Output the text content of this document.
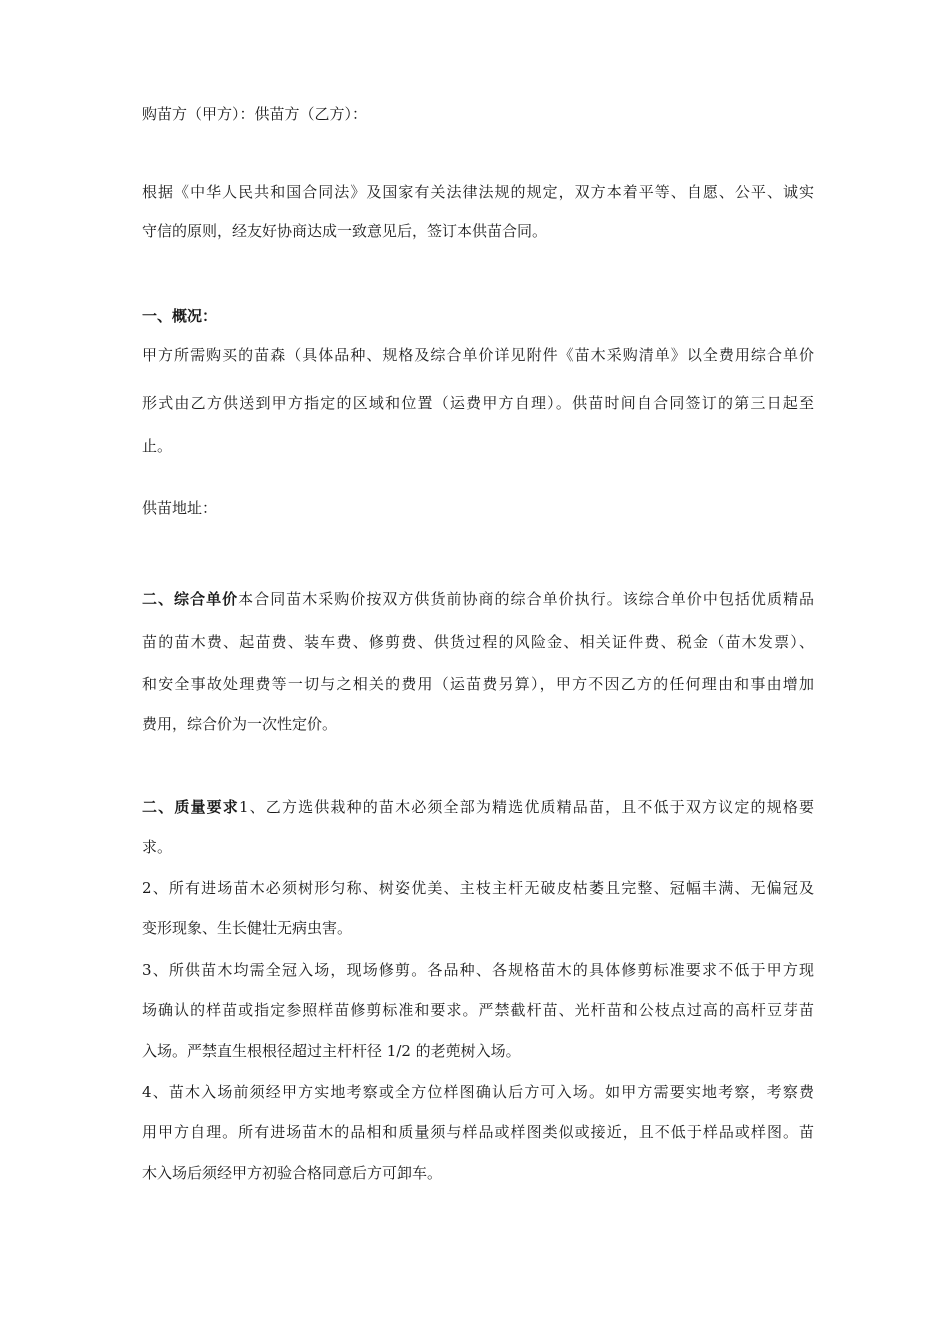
购苗方（甲方）：供苗方（乙方）：
根据《中华人民共和国合同法》及国家有关法律法规的规定，双方本着平等、自愿、公平、诚实
守信的原则，经友好协商达成一致意见后，签订本供苗合同。
一、概况：
甲方所需购买的苗森（具体品种、规格及综合单价详见附件《苗木采购清单》以全费用综合单价
形式由乙方供送到甲方指定的区域和位置（运费甲方自理）。供苗时间自合同签订的第三日起至
止。
供苗地址：
二、综合单价本合同苗木采购价按双方供货前协商的综合单价执行。该综合单价中包括优质精品
苗的苗木费、起苗费、装车费、修剪费、供货过程的风险金、相关证件费、税金（苗木发票）、
和安全事故处理费等一切与之相关的费用（运苗费另算），甲方不因乙方的任何理由和事由增加
费用，综合价为一次性定价。
二、质量要求1、乙方选供栽种的苗木必须全部为精选优质精品苗，且不低于双方议定的规格要
求。
2、所有进场苗木必须树形匀称、树姿优美、主枝主杆无破皮枯萎且完整、冠幅丰满、无偏冠及
变形现象、生长健壮无病虫害。
3、所供苗木均需全冠入场，现场修剪。各品种、各规格苗木的具体修剪标准要求不低于甲方现
场确认的样苗或指定参照样苗修剪标准和要求。严禁截杆苗、光杆苗和公枝点过高的高杆豆芽苗
入场。严禁直生根根径超过主杆杆径 1/2 的老蔸树入场。
4、苗木入场前须经甲方实地考察或全方位样图确认后方可入场。如甲方需要实地考察，考察费
用甲方自理。所有进场苗木的品相和质量须与样品或样图类似或接近，且不低于样品或样图。苗
木入场后须经甲方初验合格同意后方可卸车。
